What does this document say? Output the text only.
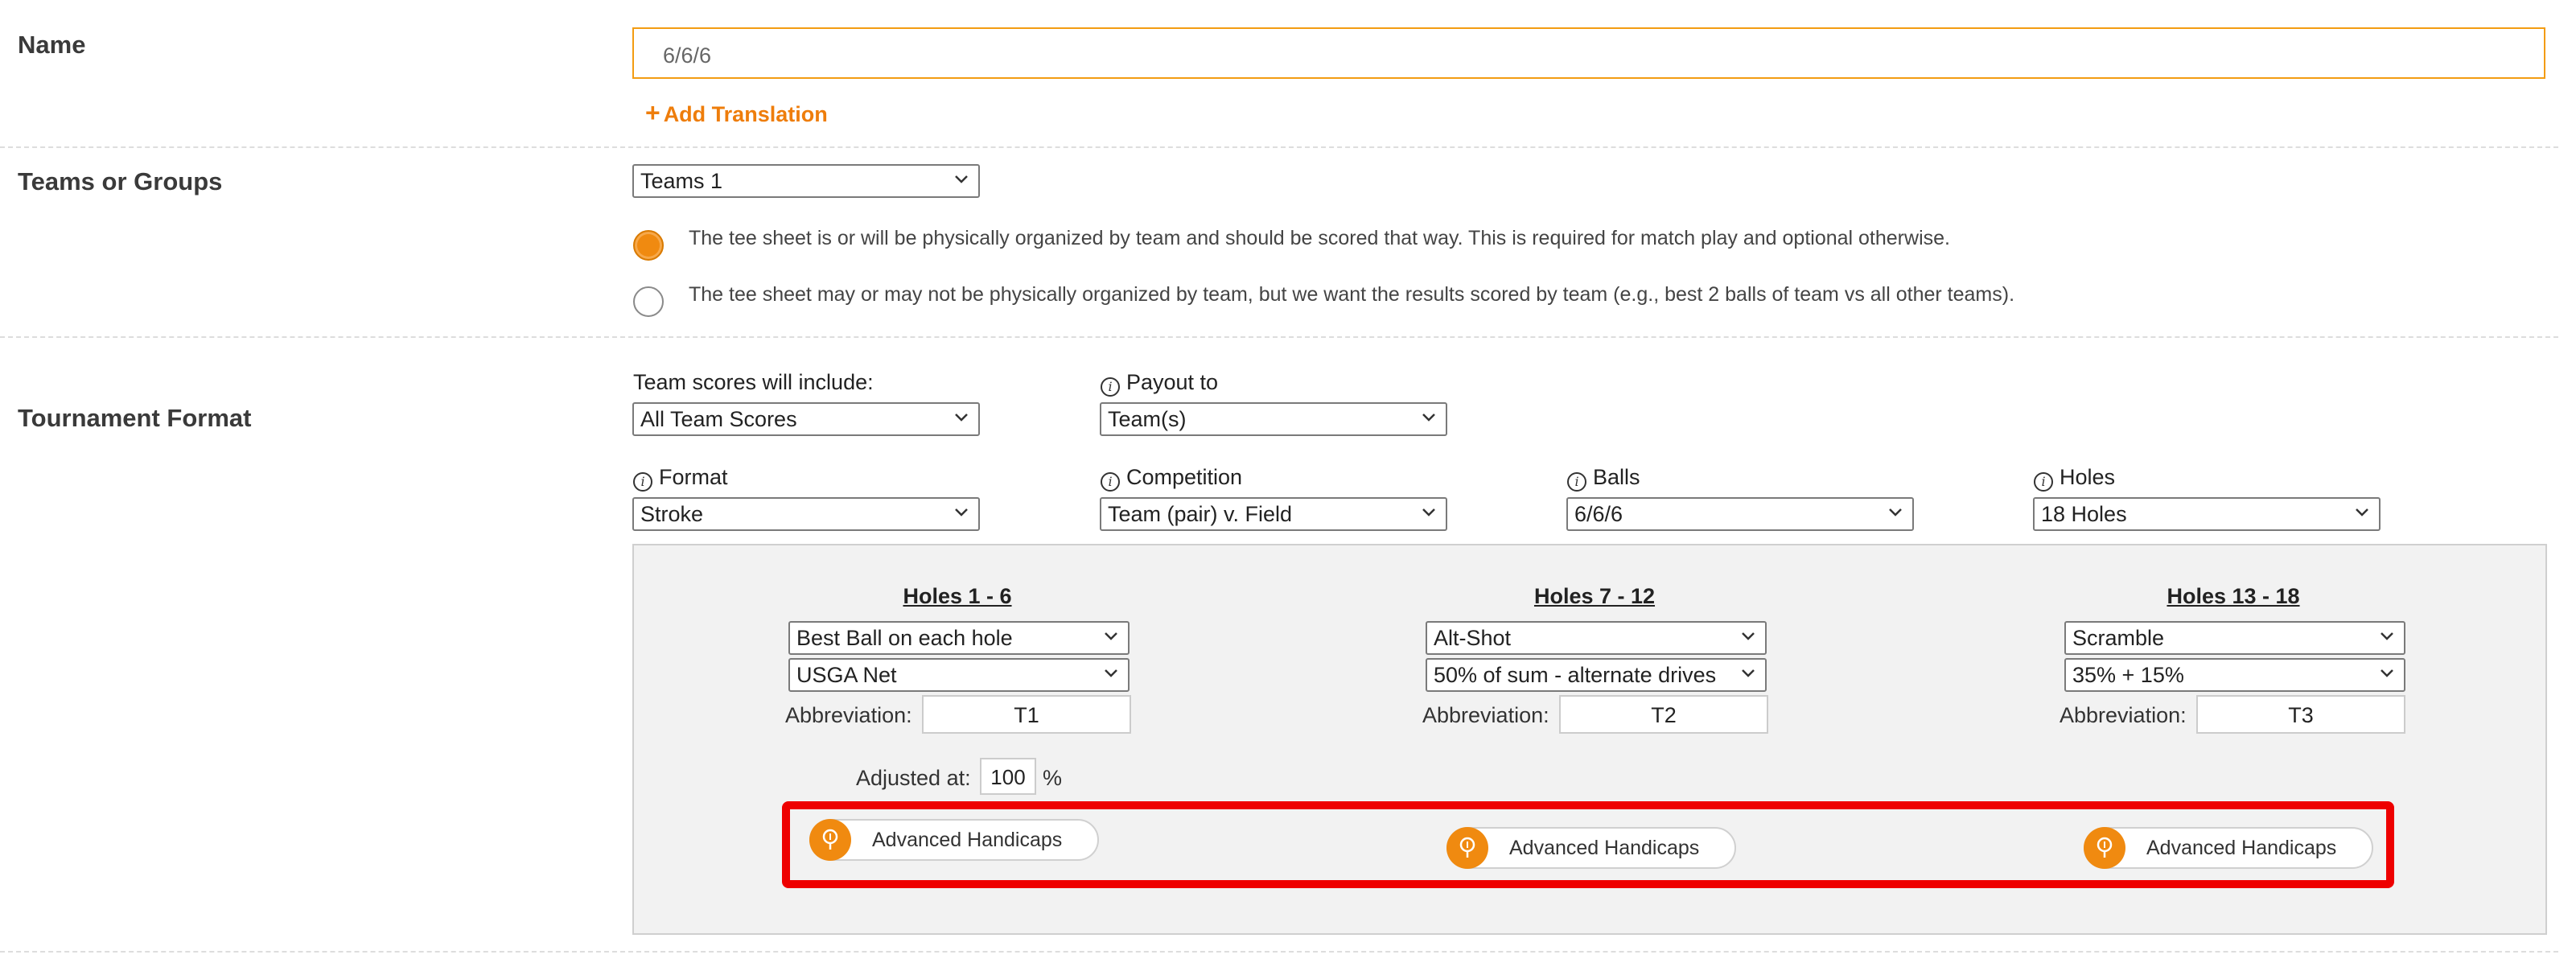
Name	6/6/6
+ Add Translation
Teams or Groups	Teams 1
The tee sheet is or will be physically organized by team and should be scored that way. This is required for match play and optional otherwise.
The tee sheet may or may not be physically organized by team, but we want the results scored by team (e.g., best 2 balls of team vs all other teams).
Tournament Format
Team scores will include:
All Team Scores
i Payout to
Team(s)
i Format
Stroke
i Competition
Team (pair) v. Field
i Balls
6/6/6
i Holes
18 Holes
Holes 1 - 6
Best Ball on each hole
USGA Net
Abbreviation:	T1
Holes 7 - 12
Alt-Shot
50% of sum - alternate drives
Abbreviation:	T2
Holes 13 - 18
Scramble
35% + 15%
Abbreviation:	T3
Adjusted at: 100 %
Advanced Handicaps	Advanced Handicaps	Advanced Handicaps
